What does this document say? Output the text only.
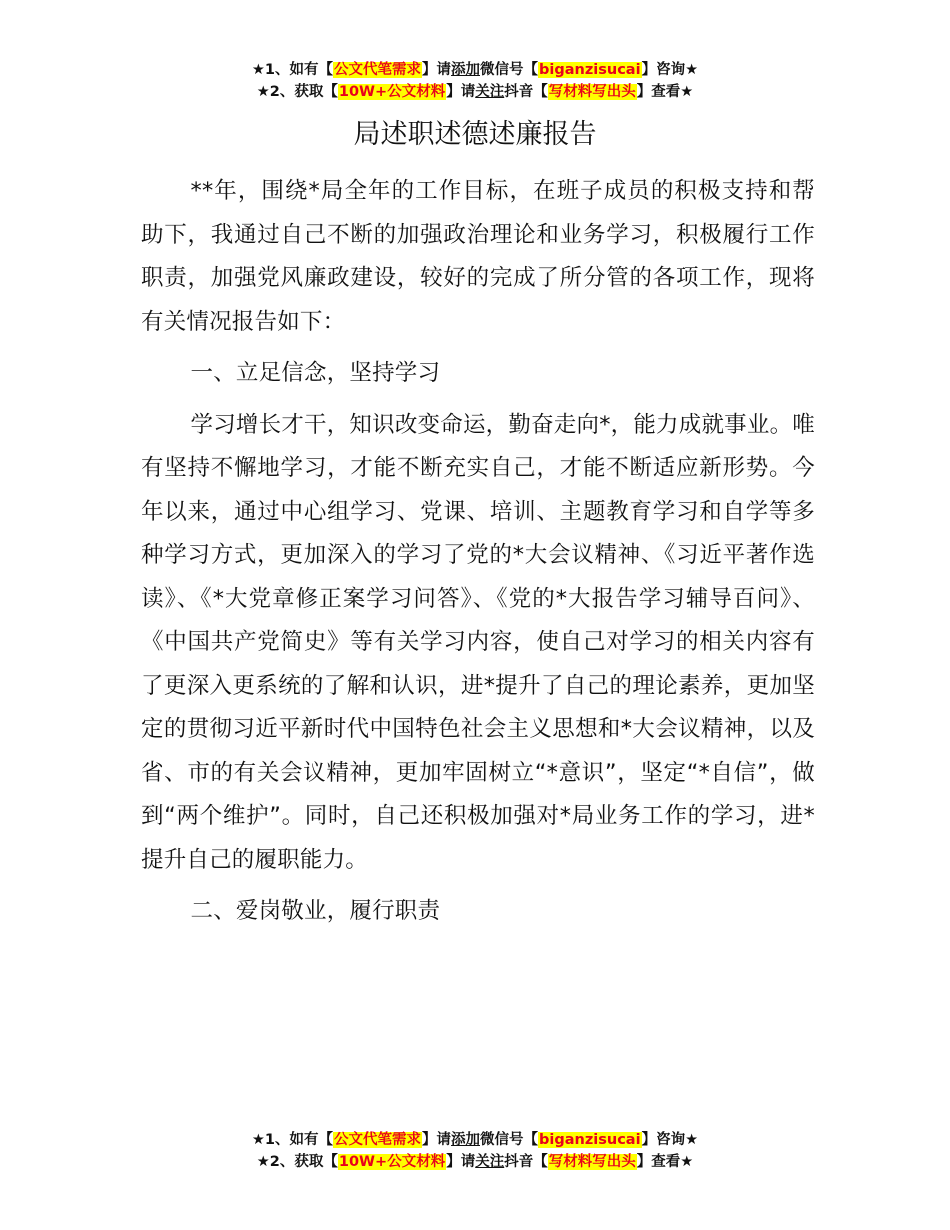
★1、如有【公文代笔需求】请添加微信号【biganzisucai】咨询★
★2、获取【10W+公文材料】请关注抖音【写材料写出头】查看★
局述职述德述廉报告

**年，围绕*局全年的工作目标，在班子成员的积极支持和帮助下，我通过自己不断的加强政治理论和业务学习，积极履行工作职责，加强党风廉政建设，较好的完成了所分管的各项工作，现将有关情况报告如下：

一、立足信念，坚持学习

学习增长才干，知识改变命运，勤奋走向*，能力成就事业。唯有坚持不懈地学习，才能不断充实自己，才能不断适应新形势。今年以来，通过中心组学习、党课、培训、主题教育学习和自学等多种学习方式，更加深入的学习了党的*大会议精神、《习近平著作选读》、《*大党章修正案学习问答》、《党的*大报告学习辅导百问》、《中国共产党简史》等有关学习内容，使自己对学习的相关内容有了更深入更系统的了解和认识，进*提升了自己的理论素养，更加坚定的贯彻习近平新时代中国特色社会主义思想和*大会议精神，以及省、市的有关会议精神，更加牢固树立“*意识”，坚定“*自信”，做到“两个维护”。同时，自己还积极加强对*局业务工作的学习，进*提升自己的履职能力。

二、爱岗敬业，履行职责

★1、如有【公文代笔需求】请添加微信号【biganzisucai】咨询★
★2、获取【10W+公文材料】请关注抖音【写材料写出头】查看★
